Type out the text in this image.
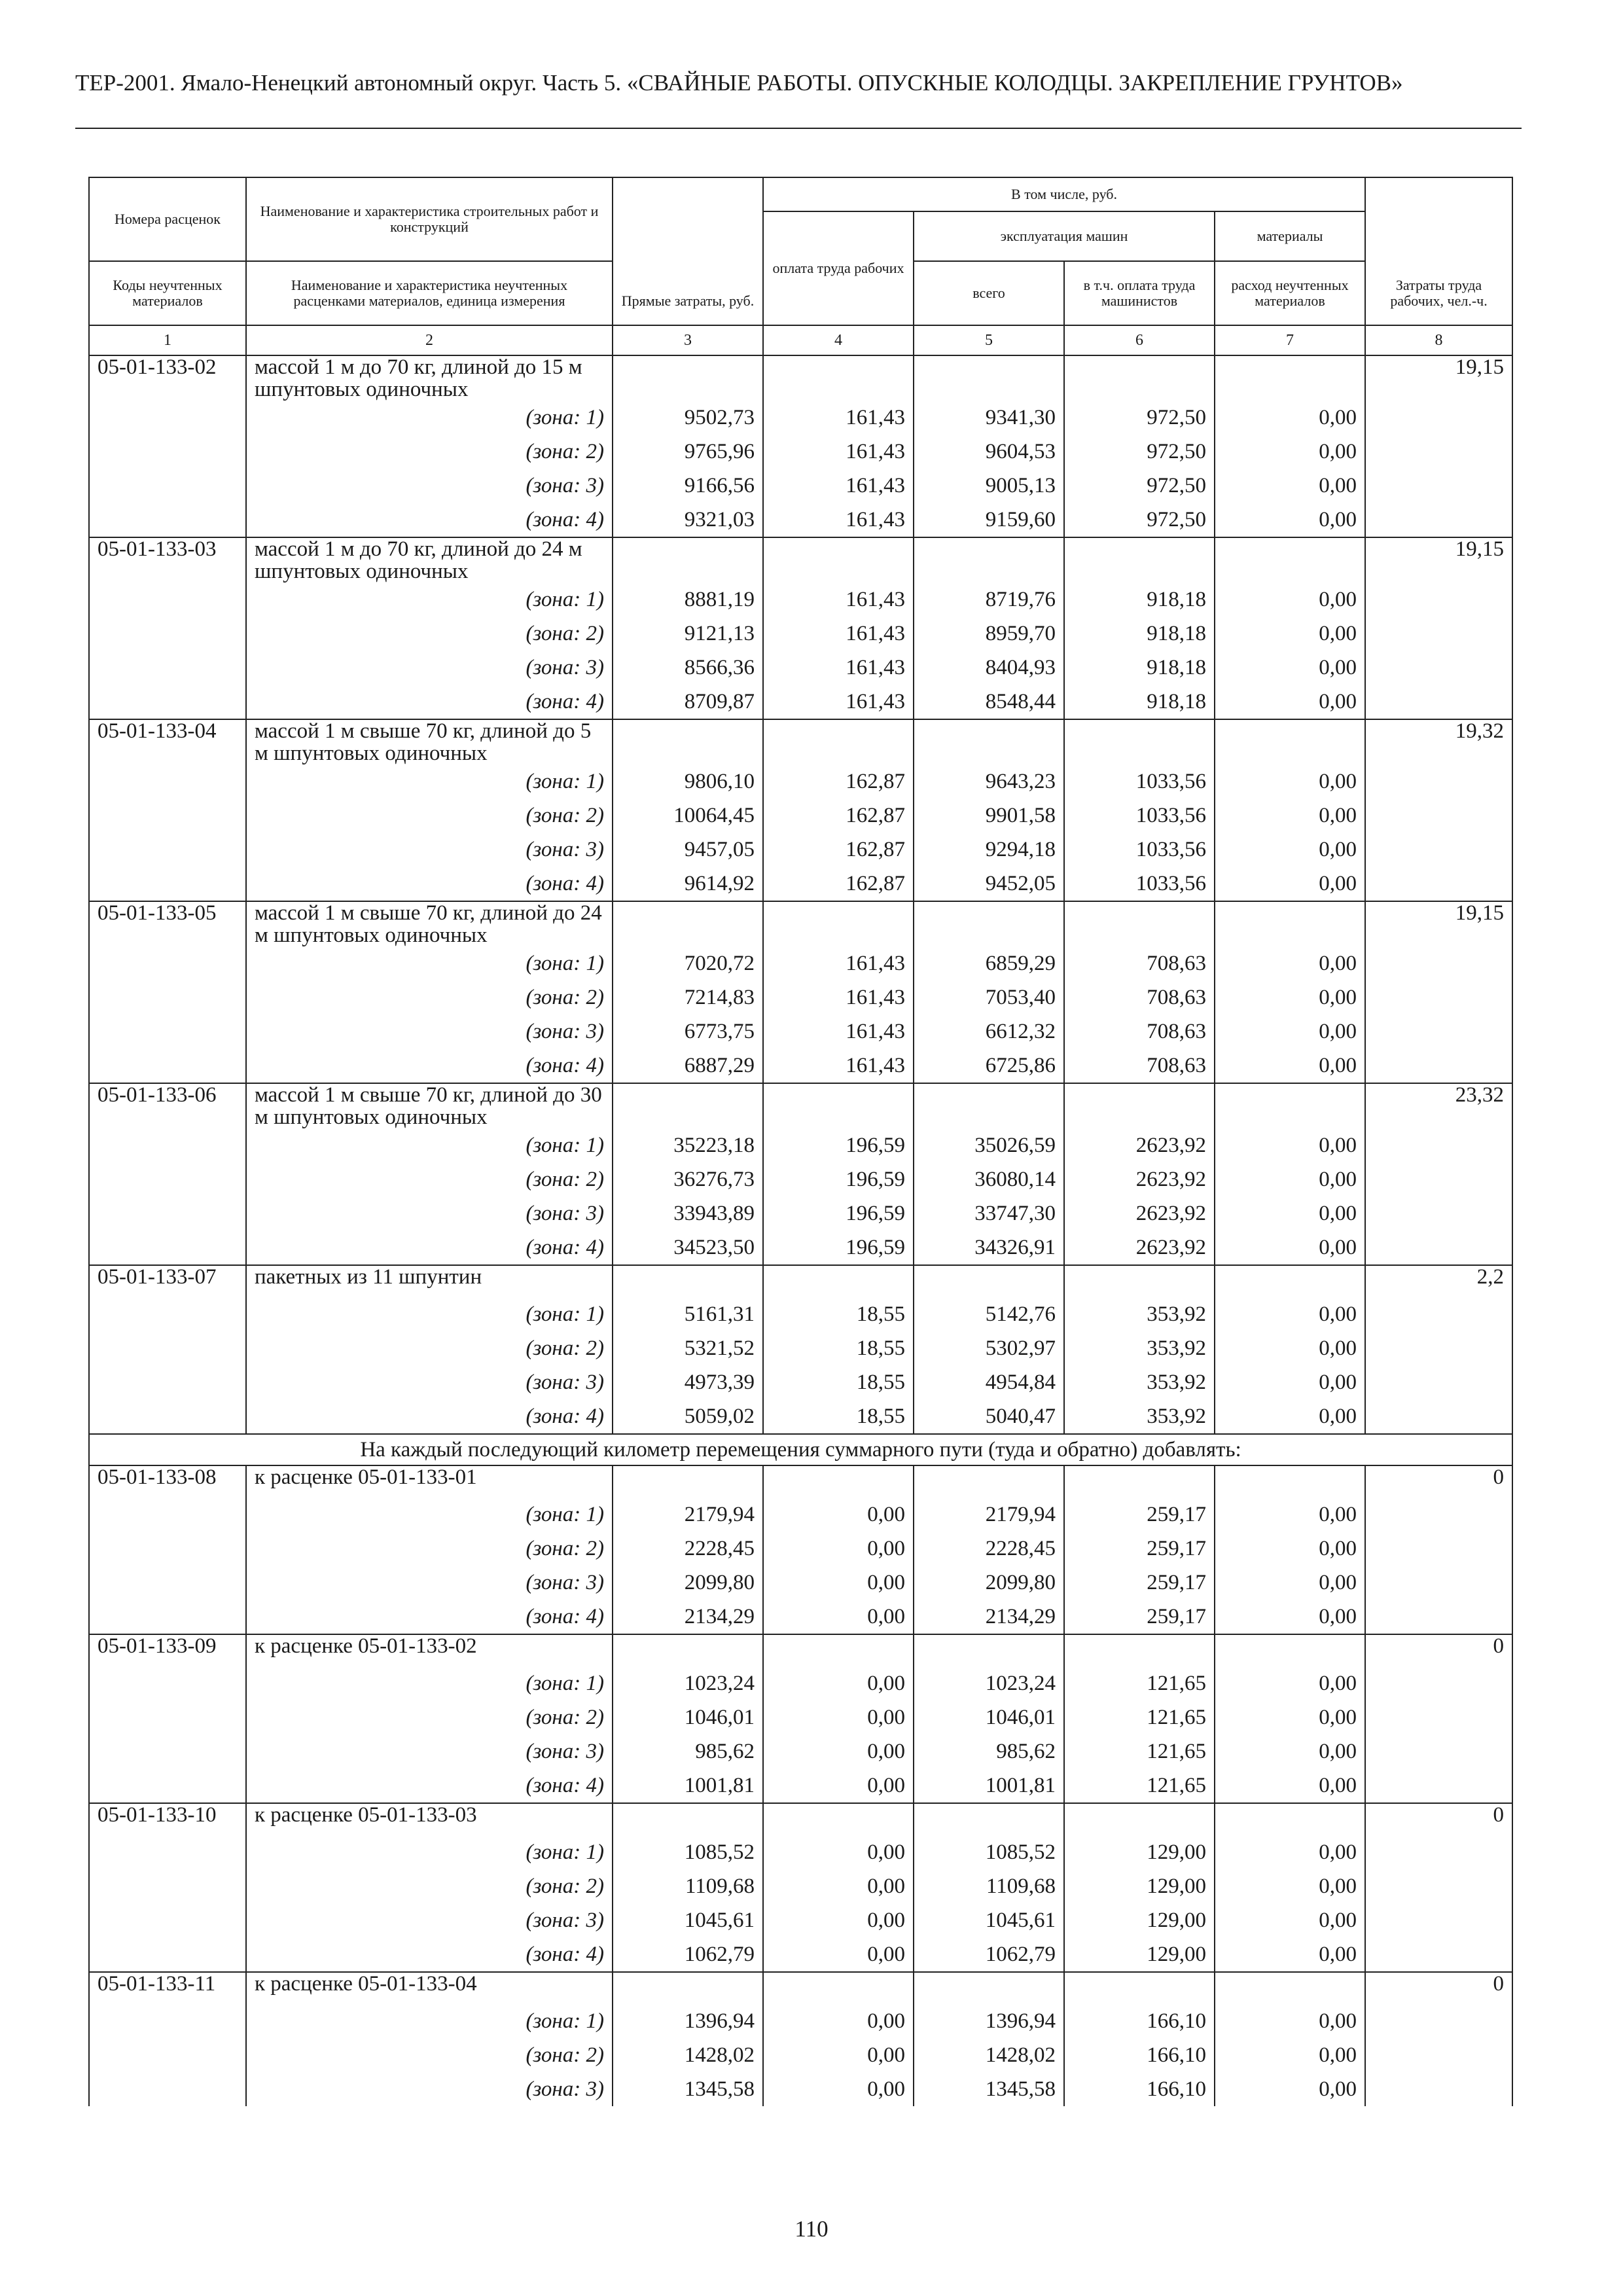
ТЕР-2001. Ямало-Ненецкий автономный округ. Часть 5. «СВАЙНЫЕ РАБОТЫ. ОПУСКНЫЕ КОЛОДЦЫ. ЗАКРЕПЛЕНИЕ ГРУНТОВ»
Номера расценок	Наименование и характеристика строительных работ и конструкций	Прямые затраты, руб.	В том числе, руб.				Затраты труда рабочих, чел.-ч.
			оплата труда рабочих	эксплуатация машин		материалы	
Коды неучтенных материалов	Наименование и характеристика неучтенных расценками материалов, единица измерения			всего	в т.ч. оплата труда машинистов	расход неучтенных материалов	
1	2	3	4	5	6	7	8
05-01-133-02	массой 1 м до 70 кг, длиной до 15 м шпунтовых одиночных						19,15
	(зона: 1)	9502,73	161,43	9341,30	972,50	0,00	
	(зона: 2)	9765,96	161,43	9604,53	972,50	0,00	
	(зона: 3)	9166,56	161,43	9005,13	972,50	0,00	
	(зона: 4)	9321,03	161,43	9159,60	972,50	0,00	
05-01-133-03	массой 1 м до 70 кг, длиной до 24 м шпунтовых одиночных						19,15
	(зона: 1)	8881,19	161,43	8719,76	918,18	0,00	
	(зона: 2)	9121,13	161,43	8959,70	918,18	0,00	
	(зона: 3)	8566,36	161,43	8404,93	918,18	0,00	
	(зона: 4)	8709,87	161,43	8548,44	918,18	0,00	
05-01-133-04	массой 1 м свыше 70 кг, длиной до 5 м шпунтовых одиночных						19,32
	(зона: 1)	9806,10	162,87	9643,23	1033,56	0,00	
	(зона: 2)	10064,45	162,87	9901,58	1033,56	0,00	
	(зона: 3)	9457,05	162,87	9294,18	1033,56	0,00	
	(зона: 4)	9614,92	162,87	9452,05	1033,56	0,00	
05-01-133-05	массой 1 м свыше 70 кг, длиной до 24 м шпунтовых одиночных						19,15
	(зона: 1)	7020,72	161,43	6859,29	708,63	0,00	
	(зона: 2)	7214,83	161,43	7053,40	708,63	0,00	
	(зона: 3)	6773,75	161,43	6612,32	708,63	0,00	
	(зона: 4)	6887,29	161,43	6725,86	708,63	0,00	
05-01-133-06	массой 1 м свыше 70 кг, длиной до 30 м шпунтовых одиночных						23,32
	(зона: 1)	35223,18	196,59	35026,59	2623,92	0,00	
	(зона: 2)	36276,73	196,59	36080,14	2623,92	0,00	
	(зона: 3)	33943,89	196,59	33747,30	2623,92	0,00	
	(зона: 4)	34523,50	196,59	34326,91	2623,92	0,00	
05-01-133-07	пакетных из 11 шпунтин						2,2
	(зона: 1)	5161,31	18,55	5142,76	353,92	0,00	
	(зона: 2)	5321,52	18,55	5302,97	353,92	0,00	
	(зона: 3)	4973,39	18,55	4954,84	353,92	0,00	
	(зона: 4)	5059,02	18,55	5040,47	353,92	0,00	
На каждый последующий километр перемещения суммарного пути (туда и обратно) добавлять:							
05-01-133-08	к расценке 05-01-133-01						0
	(зона: 1)	2179,94	0,00	2179,94	259,17	0,00	
	(зона: 2)	2228,45	0,00	2228,45	259,17	0,00	
	(зона: 3)	2099,80	0,00	2099,80	259,17	0,00	
	(зона: 4)	2134,29	0,00	2134,29	259,17	0,00	
05-01-133-09	к расценке 05-01-133-02						0
	(зона: 1)	1023,24	0,00	1023,24	121,65	0,00	
	(зона: 2)	1046,01	0,00	1046,01	121,65	0,00	
	(зона: 3)	985,62	0,00	985,62	121,65	0,00	
	(зона: 4)	1001,81	0,00	1001,81	121,65	0,00	
05-01-133-10	к расценке 05-01-133-03						0
	(зона: 1)	1085,52	0,00	1085,52	129,00	0,00	
	(зона: 2)	1109,68	0,00	1109,68	129,00	0,00	
	(зона: 3)	1045,61	0,00	1045,61	129,00	0,00	
	(зона: 4)	1062,79	0,00	1062,79	129,00	0,00	
05-01-133-11	к расценке 05-01-133-04						0
	(зона: 1)	1396,94	0,00	1396,94	166,10	0,00	
	(зона: 2)	1428,02	0,00	1428,02	166,10	0,00	
	(зона: 3)	1345,58	0,00	1345,58	166,10	0,00	
110
